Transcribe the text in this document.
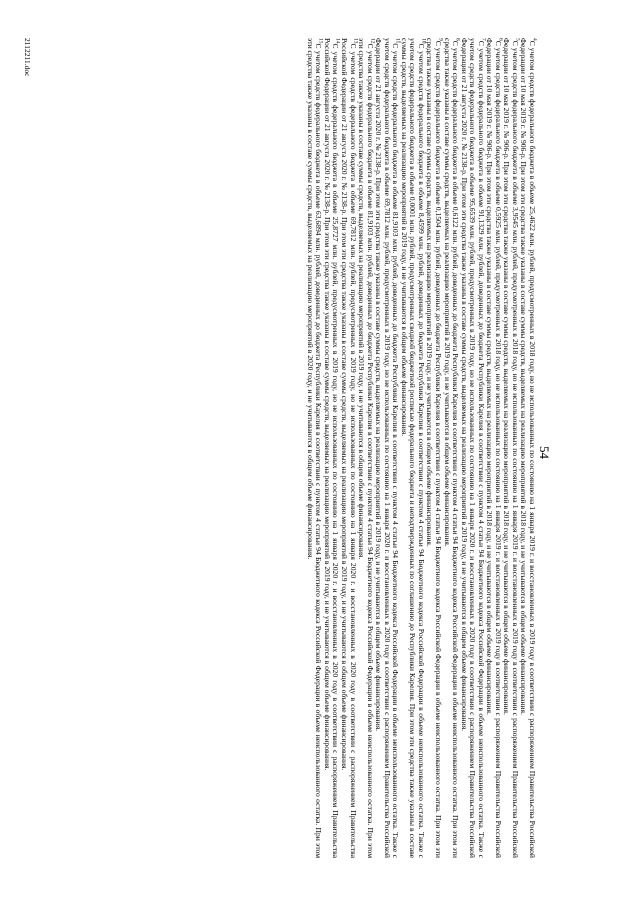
54

$^4$С учетом средств федерального бюджета в объеме 25,4622 млн. рублей, предусмотренных в 2018 году, но не использованных по состоянию на 1 января 2019 г. и восстановленных в 2019 году в соответствии с распоряжением Правительства Российской Федерации от 10 мая 2019 г. № 906-р. При этом эти средства также указаны в составе суммы средств, выделяемых на реализацию мероприятий в 2018 году, и не учитываются в общем объеме финансирования.

$^5$С учетом средств федерального бюджета в объеме 3,9545 млн. рублей, предусмотренных в 2018 году, но не использованных по состоянию на 1 января 2019 г. и восстановленных в 2019 году в соответствии с распоряжением Правительства Российской Федерации от 10 мая 2019 г. № 906-р. При этом эти средства также указаны в составе суммы средств, выделяемых на реализацию мероприятий в 2018 году, и не учитываются в общем объеме финансирования.

$^6$С учетом средств федерального бюджета в объеме 0,5925 млн. рублей, предусмотренных в 2018 году, но не использованных по состоянию на 1 января 2019 г. и восстановленных в 2019 году в соответствии с распоряжением Правительства Российской Федерации от 10 мая 2019 г. № 906-р. При этом эти средства также указаны в составе суммы средств, выделяемых на реализацию мероприятий в 2018 году, и не учитываются в общем объеме финансирования.

$^7$С учетом средств федерального бюджета в объеме 91,1329 млн. рублей, доведенных до бюджета Республики Карелия в соответствии с пунктом 4 статьи 94 Бюджетного кодекса Российской Федерации в объеме неиспользованного остатка. Также с учетом средств федерального бюджета в объеме 95,6539 млн. рублей, предусмотренных в 2019 году, но не использованных по состоянию на 1 января 2020 г. и восстановленных в 2020 году в соответствии с распоряжением Правительства Российской Федерации от 21 августа 2020 г. № 2138-р. При этом эти средства также указаны в составе суммы средств, выделяемых на реализацию мероприятий в 2019 году, и не учитываются в общем объеме финансирования.

$^8$С учетом средств федерального бюджета в объеме 0,6122 млн. рублей, доведенных до бюджета Республики Карелия в соответствии с пунктом 4 статьи 94 Бюджетного кодекса Российской Федерации в объеме неиспользованного остатка. При этом эти средства также указаны в составе суммы средств, выделяемых на реализацию мероприятий в 2019 году, и не учитываются в общем объеме финансирования.

$^9$С учетом средств федерального бюджета в объеме 0,1504 млн. рублей, доведенных до бюджета Республики Карелия в соответствии с пунктом 4 статьи 94 Бюджетного кодекса Российской Федерации в объеме неиспользованного остатка. При этом эти средства также указаны в составе суммы средств, выделяемых на реализацию мероприятий в 2019 году, и не учитываются в общем объеме финансирования.

$^{10}$С учетом средств федерального бюджета в объеме 8,4599 млн. рублей, доведенных до бюджета Республики Карелия в соответствии с пунктом 4 статьи 94 Бюджетного кодекса Российской Федерации в объеме неиспользованного остатка. Также с учетом средств федерального бюджета в объеме 0,0001 млн. рублей, предусмотренных сводной бюджетной росписью федерального бюджета и неподтвержденных по соглашению до Республики Карелия. При этом эти средства также указаны в составе суммы средств, выделяемых на реализацию мероприятий в 2019 году, и не учитываются в общем объеме финансирования.

$^{11}$С учетом средств федерального бюджета в объеме 81,9103 млн. рублей, доведенных до бюджета Республики Карелия в соответствии с пунктом 4 статьи 94 Бюджетного кодекса Российской Федерации в объеме неиспользованного остатка. Также с учетом средств федерального бюджета в объеме 69,7812 млн. рублей, предусмотренных в 2019 году, но не использованных по состоянию на 1 января 2020 г. и восстановленных в 2020 году в соответствии с распоряжением Правительства Российской Федерации от 21 августа 2020 г. № 2138-р. При этом эти средства также указаны в составе суммы средств, выделяемых на реализацию мероприятий в 2019 году, и не учитываются в общем объеме финансирования.

$^{12}$С учетом средств федерального бюджета в объеме 81,9103 млн. рублей, доведенных до бюджета Республики Карелия в соответствии с пунктом 4 статьи 94 Бюджетного кодекса Российской Федерации в объеме неиспользованного остатка. При этом эти средства также указаны в составе суммы средств, выделяемых на реализацию мероприятий в 2019 году, и не учитываются в общем объеме финансирования.

$^{13}$С учетом средств федерального бюджета в объеме 69,7812 млн. рублей, предусмотренных в 2019 году, но не использованных по состоянию на 1 января 2020 г. и восстановленных в 2020 году в соответствии с распоряжением Правительства Российской Федерации от 21 августа 2020 г. № 2138-р. При этом эти средства также указаны в составе суммы средств, выделяемых на реализацию мероприятий в 2019 году, и не учитываются в общем объеме финансирования.

$^{14}$С учетом средств федерального бюджета в объеме 25,8727 млн. рублей, предусмотренных в 2019 году, но не использованных по состоянию на 1 января 2020 г. и восстановленных в 2020 году в соответствии с распоряжением Правительства Российской Федерации от 21 августа 2020 г. № 2138-р. При этом эти средства также указаны в составе суммы средств, выделяемых на реализацию мероприятий в 2019 году, и не учитываются в общем объеме финансирования.

$^{15}$С учетом средств федерального бюджета в объеме 63,6894 млн. рублей, доведенных до бюджета Республики Карелия в соответствии с пунктом 4 статьи 94 Бюджетного кодекса Российской Федерации в объеме неиспользованного остатка. При этом эти средства также указаны в составе суммы средств, выделяемых на реализацию мероприятий в 2020 году, и не учитываются в общем объеме финансирования.

2112211.doc
